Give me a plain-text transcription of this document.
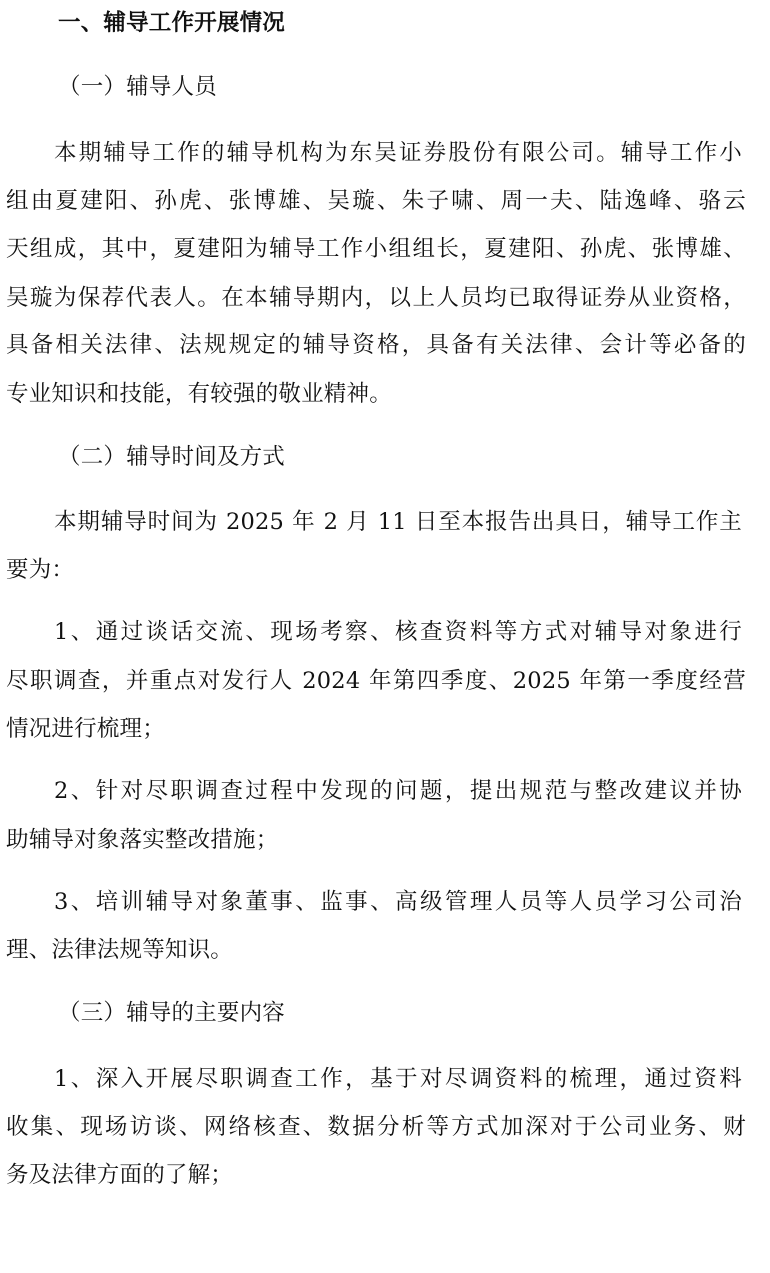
一、辅导工作开展情况
（一）辅导人员
本期辅导工作的辅导机构为东吴证券股份有限公司。辅导工作小
组由夏建阳、孙虎、张博雄、吴璇、朱子啸、周一夫、陆逸峰、骆云
天组成，其中，夏建阳为辅导工作小组组长，夏建阳、孙虎、张博雄、
吴璇为保荐代表人。在本辅导期内，以上人员均已取得证券从业资格，
具备相关法律、法规规定的辅导资格，具备有关法律、会计等必备的
专业知识和技能，有较强的敬业精神。
（二）辅导时间及方式
本期辅导时间为 2025 年 2 月 11 日至本报告出具日，辅导工作主
要为：
1、通过谈话交流、现场考察、核查资料等方式对辅导对象进行
尽职调查，并重点对发行人 2024 年第四季度、2025 年第一季度经营
情况进行梳理；
2、针对尽职调查过程中发现的问题，提出规范与整改建议并协
助辅导对象落实整改措施；
3、培训辅导对象董事、监事、高级管理人员等人员学习公司治
理、法律法规等知识。
（三）辅导的主要内容
1、深入开展尽职调查工作，基于对尽调资料的梳理，通过资料
收集、现场访谈、网络核查、数据分析等方式加深对于公司业务、财
务及法律方面的了解；
